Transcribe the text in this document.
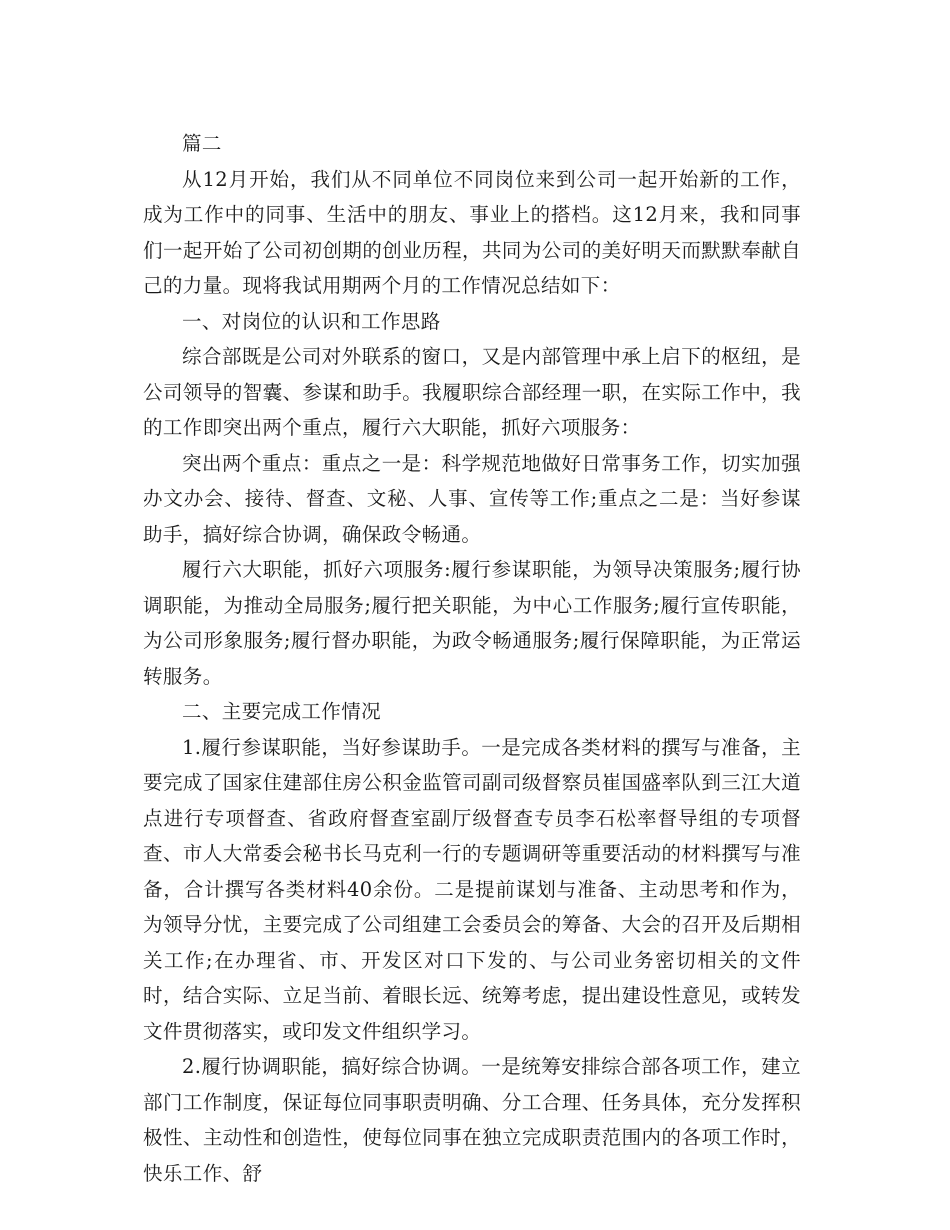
篇二

从12月开始，我们从不同单位不同岗位来到公司一起开始新的工作，成为工作中的同事、生活中的朋友、事业上的搭档。这12月来，我和同事们一起开始了公司初创期的创业历程，共同为公司的美好明天而默默奉献自己的力量。现将我试用期两个月的工作情况总结如下：

一、对岗位的认识和工作思路

综合部既是公司对外联系的窗口，又是内部管理中承上启下的枢纽，是公司领导的智囊、参谋和助手。我履职综合部经理一职，在实际工作中，我的工作即突出两个重点，履行六大职能，抓好六项服务：

突出两个重点：重点之一是：科学规范地做好日常事务工作，切实加强办文办会、接待、督查、文秘、人事、宣传等工作;重点之二是：当好参谋助手，搞好综合协调，确保政令畅通。

履行六大职能，抓好六项服务:履行参谋职能，为领导决策服务;履行协调职能，为推动全局服务;履行把关职能，为中心工作服务;履行宣传职能，为公司形象服务;履行督办职能，为政令畅通服务;履行保障职能，为正常运转服务。

二、主要完成工作情况

1.履行参谋职能，当好参谋助手。一是完成各类材料的撰写与准备，主要完成了国家住建部住房公积金监管司副司级督察员崔国盛率队到三江大道点进行专项督查、省政府督查室副厅级督查专员李石松率督导组的专项督查、市人大常委会秘书长马克利一行的专题调研等重要活动的材料撰写与准备，合计撰写各类材料40余份。二是提前谋划与准备、主动思考和作为，为领导分忧，主要完成了公司组建工会委员会的筹备、大会的召开及后期相关工作;在办理省、市、开发区对口下发的、与公司业务密切相关的文件时，结合实际、立足当前、着眼长远、统筹考虑，提出建设性意见，或转发文件贯彻落实，或印发文件组织学习。

2.履行协调职能，搞好综合协调。一是统筹安排综合部各项工作，建立部门工作制度，保证每位同事职责明确、分工合理、任务具体，充分发挥积极性、主动性和创造性，使每位同事在独立完成职责范围内的各项工作时，快乐工作、舒
